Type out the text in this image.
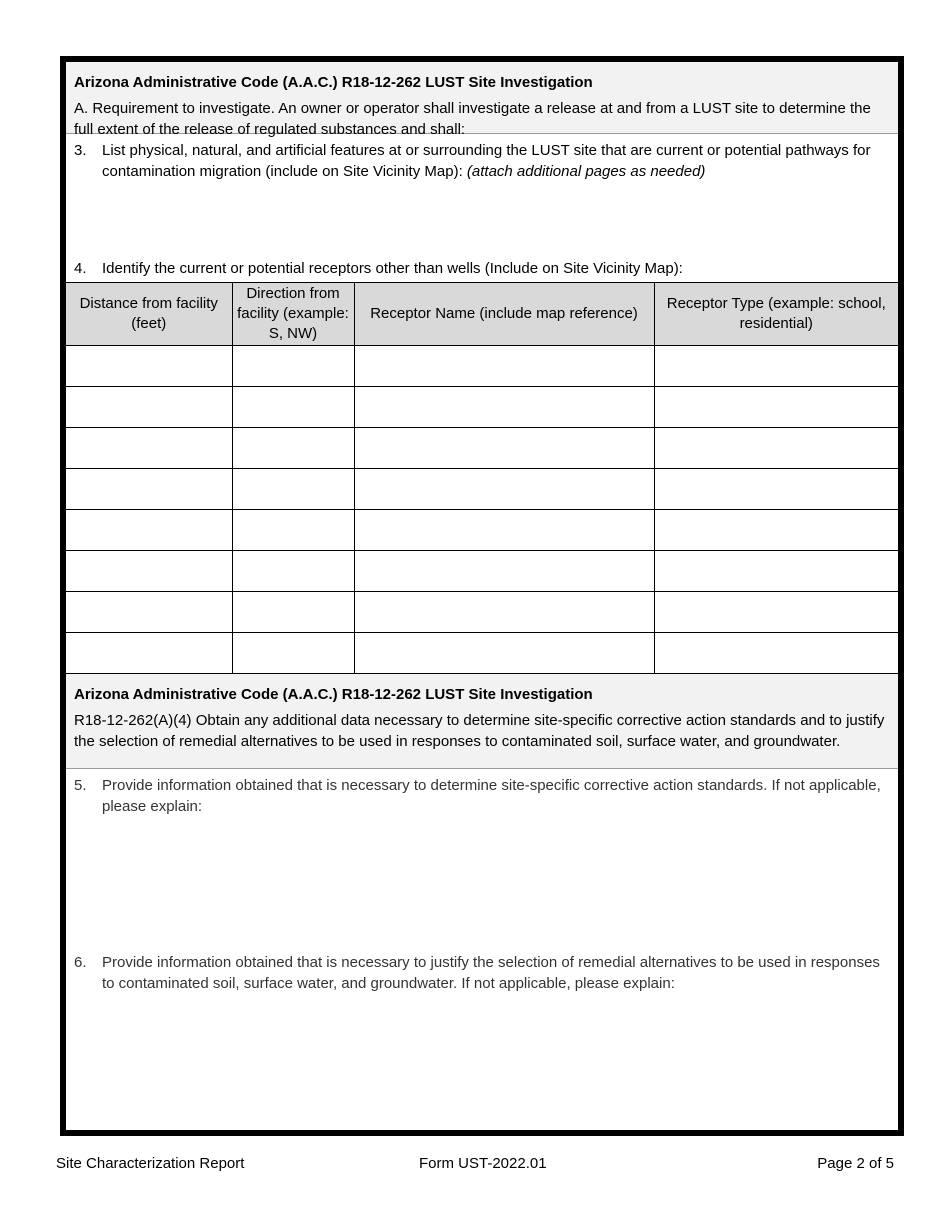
Arizona Administrative Code (A.A.C.) R18-12-262 LUST Site Investigation
A. Requirement to investigate. An owner or operator shall investigate a release at and from a LUST site to determine the full extent of the release of regulated substances and shall:
3.	List physical, natural, and artificial features at or surrounding the LUST site that are current or potential pathways for contamination migration (include on Site Vicinity Map): (attach additional pages as needed)
4.	Identify the current or potential receptors other than wells (Include on Site Vicinity Map):
Distance from facility (feet)	Direction from facility (example: S, NW)	Receptor Name (include map reference)	Receptor Type (example: school, residential)

Arizona Administrative Code (A.A.C.) R18-12-262 LUST Site Investigation
R18-12-262(A)(4) Obtain any additional data necessary to determine site-specific corrective action standards and to justify the selection of remedial alternatives to be used in responses to contaminated soil, surface water, and groundwater.
5.	Provide information obtained that is necessary to determine site-specific corrective action standards. If not applicable, please explain:
6.	Provide information obtained that is necessary to justify the selection of remedial alternatives to be used in responses to contaminated soil, surface water, and groundwater. If not applicable, please explain:
Site Characterization Report	Form UST-2022.01	Page 2 of 5
